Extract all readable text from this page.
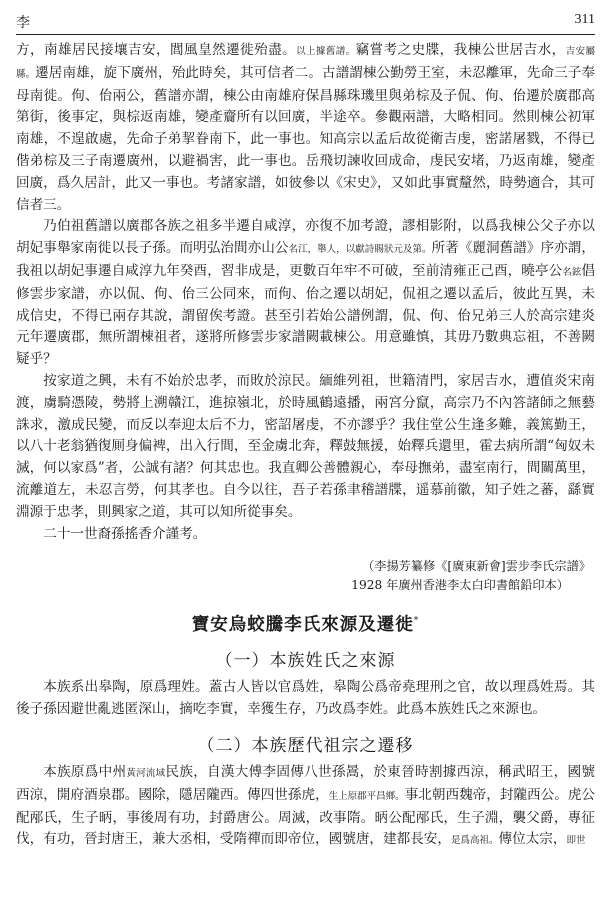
李	311

方，南雄居民接壤吉安，閭風皇然遷徙殆盡。以上據舊譜。竊嘗考之史牒，我棟公世居吉水，吉安屬縣。遷居南雄，旋下廣州，殆此時矣，其可信者二。古譜謂棟公勤勞王室，未忍離軍，先命三子奉母南徙。佝、佁兩公，舊譜亦謂，棟公由南雄府保昌縣珠璣里與弟棕及子侃、佝、佁遷於廣郡高第街，後事定，與棕返南雄，變產齎所有以回廣，半途卒。參觀兩譜，大略相同。然則棟公初軍南雄，不遑啟處，先命子弟挈眷南下，此一事也。知高宗以孟后故從衛吉虔，密諾屠戮，不得已偕弟棕及三子南遷廣州，以避禍害，此一事也。岳飛切諫收回成命，虔民安堵，乃返南雄，變產回廣，爲久居計，此又一事也。考諸家譜，如彼參以《宋史》，又如此事實釐然，時勢適合，其可信者三。

乃伯祖舊譜以廣郡各族之祖多半遷自咸淳，亦復不加考證，謬相影附，以爲我棟公父子亦以胡妃事舉家南徙以長子孫。而明弘治間亦山公名江，舉人，以獻詩賜狀元及第。所著《麗洞舊譜》序亦謂，我祖以胡妃事遷自咸淳九年癸酉，習非成是，更數百年牢不可破，至前清雍正己酉，曉亭公名鉉倡修雲步家譜，亦以侃、佝、佁三公同來，而佝、佁之遷以胡妃，侃祖之遷以孟后，彼此互異，未成信史，不得已兩存其說，謂留俟考證。甚至引若始公譜例謂，侃、佝、佁兄弟三人於高宗建炎元年遷廣郡，無所謂棟祖者，遂將所修雲步家譜闕載棟公。用意雖慎，其毋乃數典忘祖，不善闕疑乎？

按家道之興，未有不始於忠孝，而敗於涼民。緬維列祖，世籍清門，家居吉水，遭值炎宋南渡，虜騎憑陵，勢將上溯贛江，進掠嶺北，於時風鶴遠播，兩宮分竄，高宗乃不內答諸師之無藝誅求，激成民變，而反以奉迎太后不力，密詔屠虔，不亦謬乎？我住堂公生逢多難，義篤勤王，以八十老翁猶復厠身偏裨，出入行間，至金虜北奔，釋鼓無援，始釋兵還里，霍去病所謂“匈奴未滅，何以家爲”者，公誠有諸？何其忠也。我直卿公善體親心，奉母撫弟，盡室南行，間關萬里，流離道左，未忍言勞，何其孝也。自今以往，吾子若孫聿稽譜牒，遥慕前徽，知子姓之蕃，繇實淵源于忠孝，則興家之道，其可以知所從事矣。

二十一世裔孫搖香介謹考。

（李揚芳纂修《[廣東新會]雲步李氏宗譜》
1928 年廣州香港李太白印書館鉛印本）
寶安烏蛟騰李氏來源及遷徙*
（一）本族姓氏之來源

本族系出皋陶，原爲理姓。蓋古人皆以官爲姓，皋陶公爲帝堯理刑之官，故以理爲姓焉。其後子孫因避世亂逃匿深山，摘吃李實，幸獲生存，乃改爲李姓。此爲本族姓氏之來源也。

（二）本族歷代祖宗之遷移

本族原爲中州黃河流域民族，自漢大傅李固傳八世孫暠，於東晉時割據西涼，稱武昭王，國號西涼，開府酒泉郡。國除，隱居隴西。傳四世孫虎，生上原郡平昌鄉。事北朝西魏帝，封隴西公。虎公配邴氏，生子昞，事後周有功，封爵唐公。周滅，改事隋。昞公配邴氏，生子淵，襲父爵，專征伐，有功，晉封唐王，兼大丞相，受隋禪而即帝位，國號唐，建都長安，是爲高祖。傳位太宗，即世
